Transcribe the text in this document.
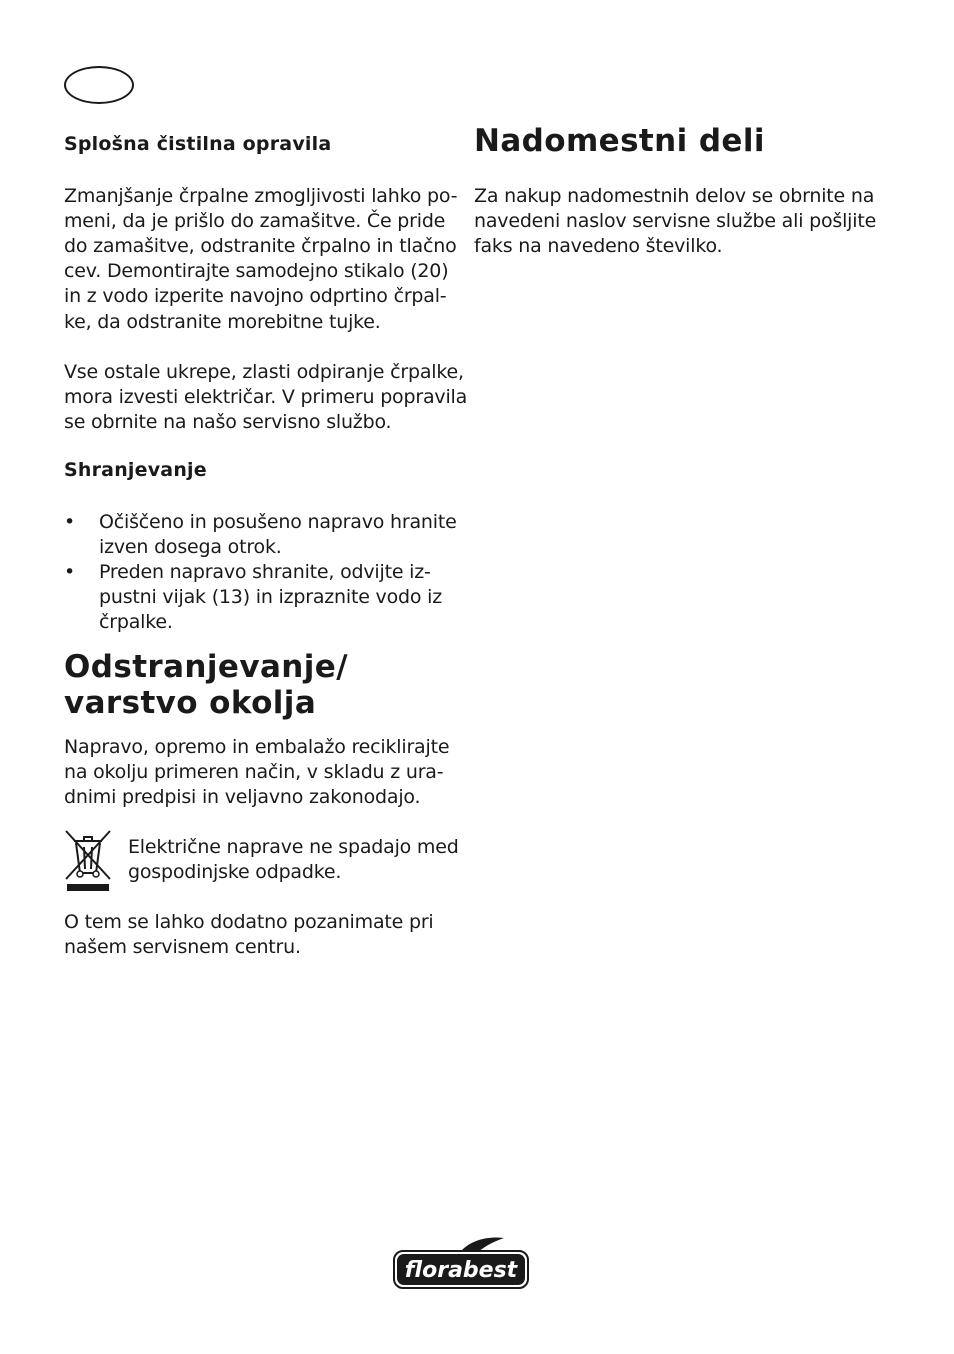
Splošna čistilna opravila

Zmanjšanje črpalne zmogljivosti lahko po-

meni, da je prišlo do zamašitve. Če pride

do zamašitve, odstranite črpalno in tlačno

cev. Demontirajte samodejno stikalo (20)

in z vodo izperite navojno odprtino črpal-

ke, da odstranite morebitne tujke.

Vse ostale ukrepe, zlasti odpiranje črpalke,

mora izvesti električar. V primeru popravila

se obrnite na našo servisno službo.

Shranjevanje
• Očiščeno in posušeno napravo hranite

izven dosega otrok.

• Preden napravo shranite, odvijte iz-

pustni vijak (13) in izpraznite vodo iz

črpalke.

Odstranjevanje/
varstvo okolja

Napravo, opremo in embalažo reciklirajte

na okolju primeren način, v skladu z ura-

dnimi predpisi in veljavno zakonodajo.

Električne naprave ne spadajo med

gospodinjske odpadke.

O tem se lahko dodatno pozanimate pri

našem servisnem centru.

Nadomestni deli

Za nakup nadomestnih delov se obrnite na

navedeni naslov servisne službe ali pošljite

faks na navedeno številko.

florabest
